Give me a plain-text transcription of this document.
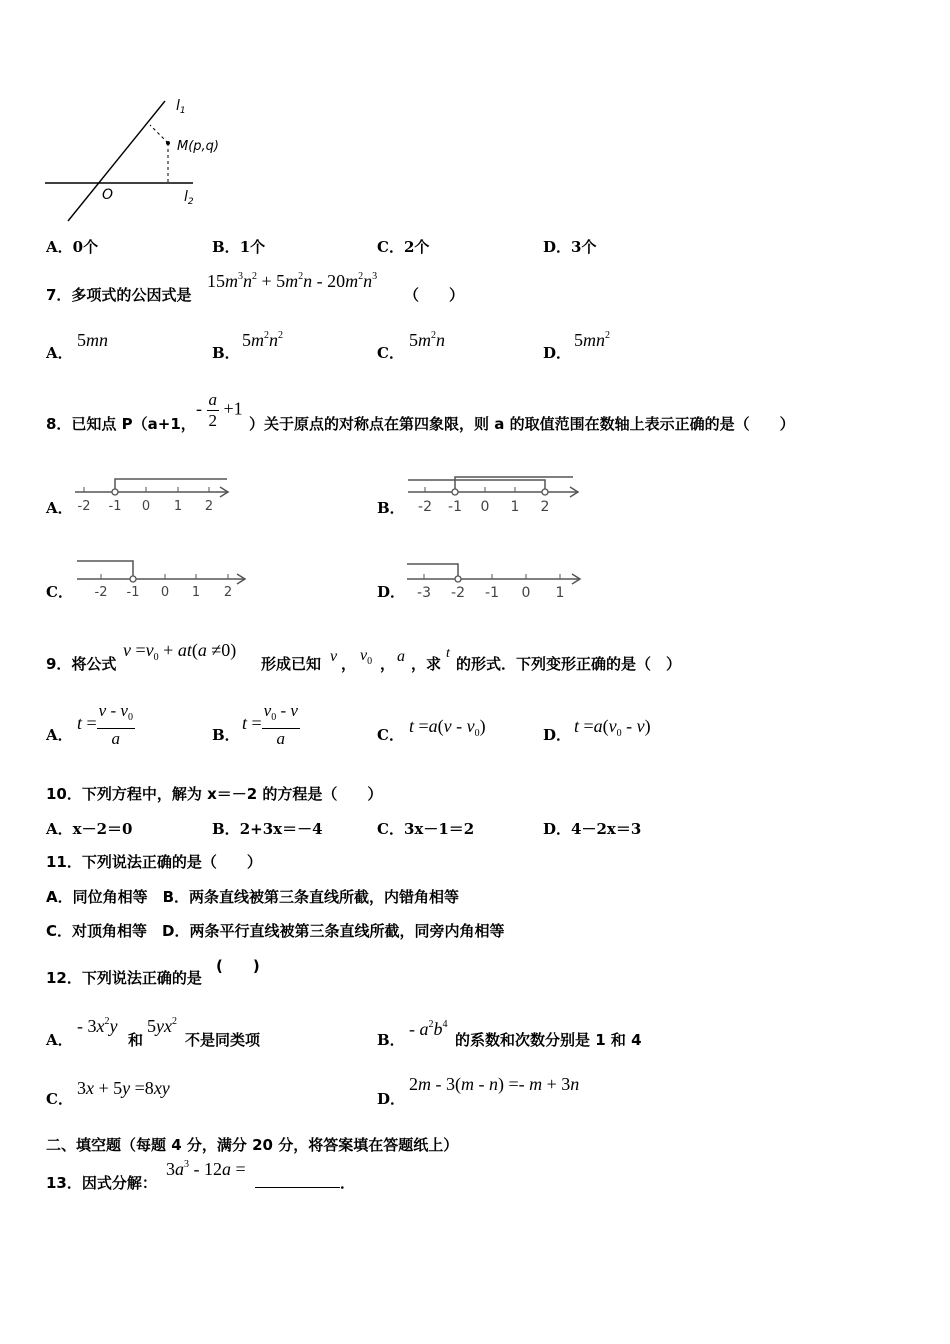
$l_1$
M(p,q)
O	$l_2$
A．0个	B．1个	C．2个	D．3个
7．多项式的公因式是
$15m^3n^2 + 5m^2n - 20m^2n^3$
（　　）
A．
5mn
B．
$5m^2n^2$
C．
$5m^2n$
D．
$5mn^2$
8．已知点 P（a+1，
- $\frac{a}{2} +1$
）关于原点的对称点在第四象限，则 a 的取值范围在数轴上表示正确的是（　　）
A． -2 -1 0 1 2	B． -2 -1 0 1 2
C． -2 -1 0 1 2	D． -3 -2 -1 0 1
9．将公式
$v =v_0 + at(a \ne 0)$
形成已知 v ， $v_0$ ， a ，求
t
的形式．下列变形正确的是（　）
A．
$t = \frac{v - v_0}{a}$	B．
$t = \frac{v_0 - v}{a}$	C． $t =a(v - v_0)$	D． $t =a(v_0 - v)$
10．下列方程中，解为 x＝－2 的方程是（　　）
A．x－2＝0	B．2+3x＝－4	C．3x－1＝2	D．4－2x＝3
11．下列说法正确的是（　　）
A．同位角相等　B．两条直线被第三条直线所截，内错角相等
C．对顶角相等　D．两条平行直线被第三条直线所截，同旁内角相等
12．下列说法正确的是
(　　)
A．
- $3x^2y$
和
$5yx^2$
不是同类项	B．
- $a^2b^4$
的系数和次数分别是 1 和 4
C．
3x + 5y =8xy
D．
2m - 3(m - n) =- m + 3n
二、填空题（每题 4 分，满分 20 分，将答案填在答题纸上）
13．因式分解：
$3a^3 - 12a$ =
．
